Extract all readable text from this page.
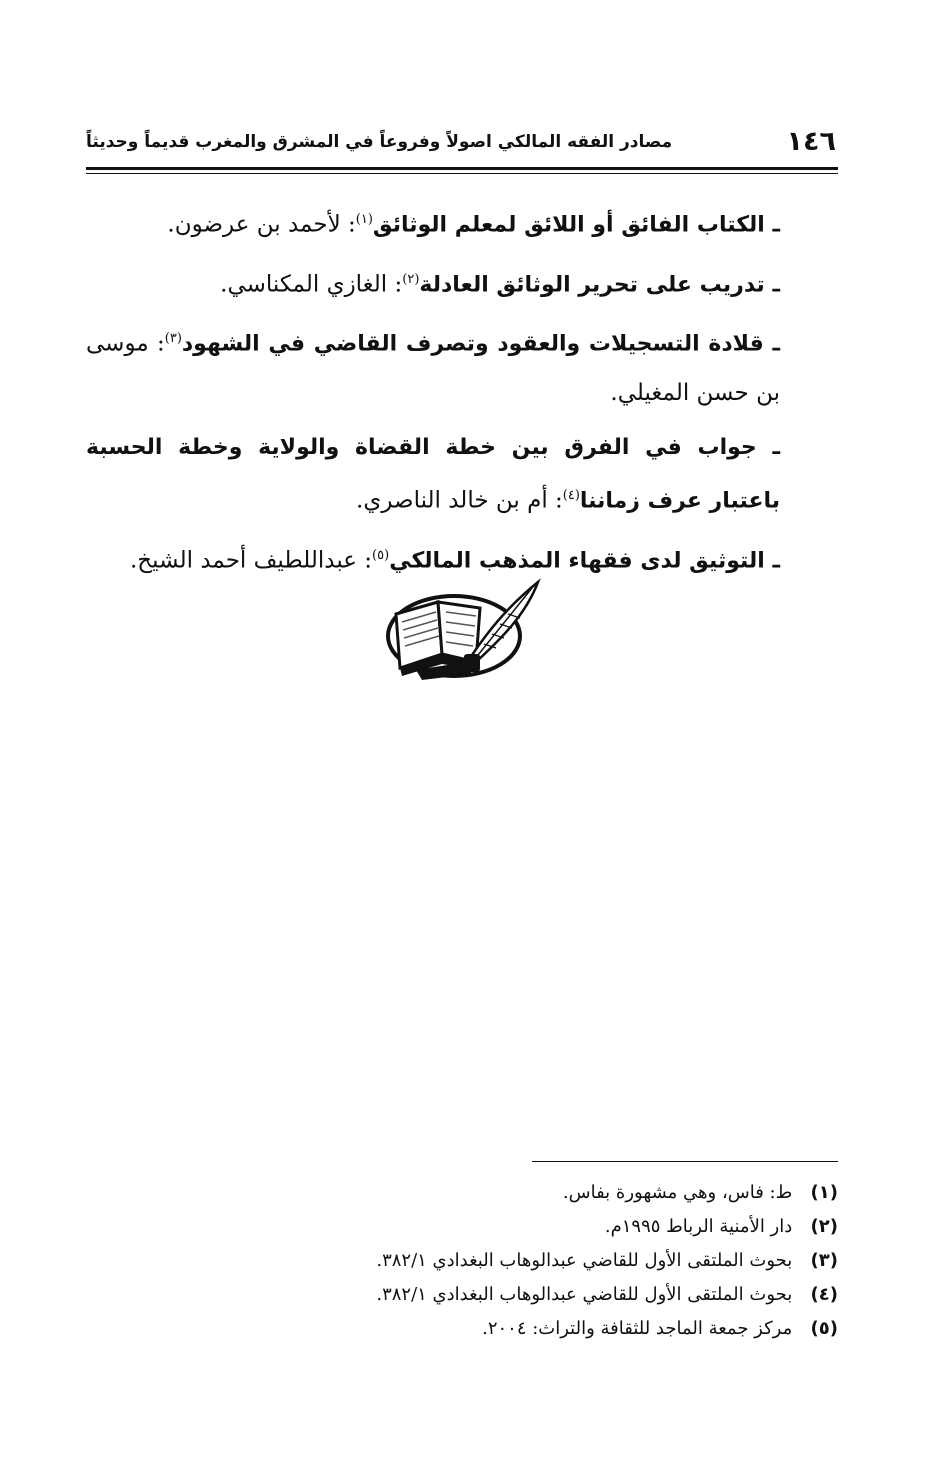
١٤٦
مصادر الفقه المالكي اصولاً وفروعاً في المشرق والمغرب قديماً وحديثاً

ـ الكتاب الفائق أو اللائق لمعلم الوثائق$^{(١)}$: لأحمد بن عرضون.

ـ تدريب على تحرير الوثائق العادلة$^{(٢)}$: الغازي المكناسي.

ـ قلادة التسجيلات والعقود وتصرف القاضي في الشهود$^{(٣)}$: موسى بن حسن المغيلي.

ـ جواب في الفرق بين خطة القضاة والولاية وخطة الحسبة باعتبار عرف زماننا$^{(٤)}$: أم بن خالد الناصري.

ـ التوثيق لدى فقهاء المذهب المالكي$^{(٥)}$: عبداللطيف أحمد الشيخ.

(١) ط: فاس، وهي مشهورة بفاس.

(٢) دار الأمنية الرباط ١٩٩٥م.

(٣) بحوث الملتقى الأول للقاضي عبدالوهاب البغدادي ٣٨٢/١.

(٤) بحوث الملتقى الأول للقاضي عبدالوهاب البغدادي ٣٨٢/١.

(٥) مركز جمعة الماجد للثقافة والتراث: ٢٠٠٤.
